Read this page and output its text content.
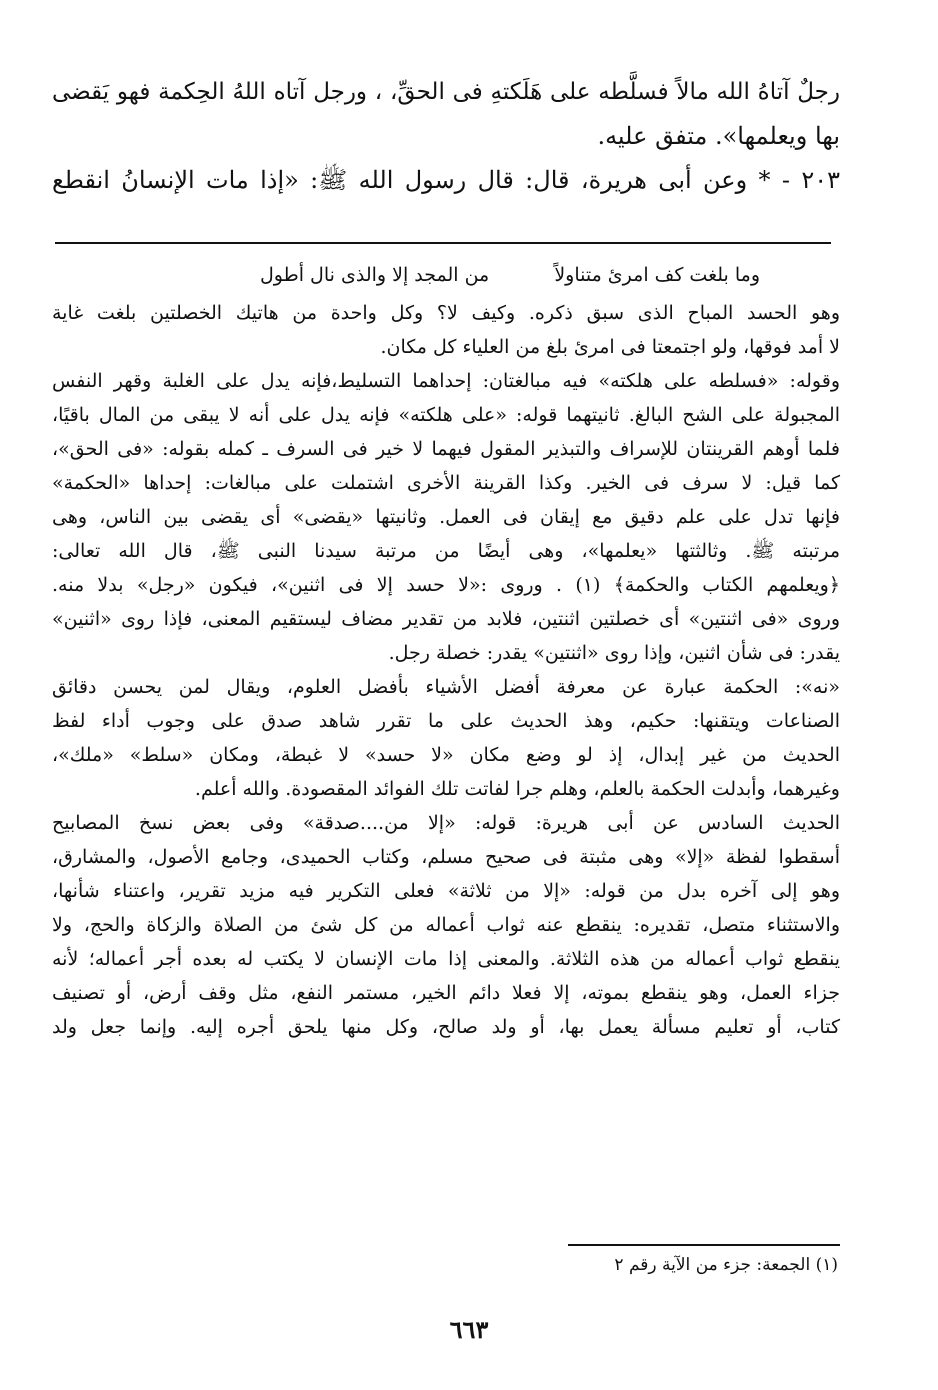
رجلٌ آتاهُ الله مالاً فسلَّطه على هَلَكتهِ فى الحقِّ، ، ورجل آتاه اللهُ الحِكمة فهو يَقضى
بها ويعلمها». متفق عليه.
٢٠٣ - * وعن أبى هريرة، قال: قال رسول الله ﷺ: «إذا مات الإنسانُ انقطع
وما بلغت كف امرئ متناولاً
من المجد إلا والذى نال أطول
وهو الحسد المباح الذى سبق ذكره. وكيف لا؟ وكل واحدة من هاتيك الخصلتين بلغت غاية
لا أمد فوقها، ولو اجتمعتا فى امرئ بلغ من العلياء كل مكان.
وقوله: «فسلطه على هلكته» فيه مبالغتان: إحداهما التسليط،فإنه يدل على الغلبة وقهر النفس
المجبولة على الشح البالغ. ثانيتهما قوله: «على هلكته» فإنه يدل على أنه لا يبقى من المال باقيًا،
فلما أوهم القرينتان للإسراف والتبذير المقول فيهما لا خير فى السرف ـ كمله بقوله: «فى الحق»،
كما قيل: لا سرف فى الخير. وكذا القرينة الأخرى اشتملت على مبالغات: إحداها «الحكمة»
فإنها تدل على علم دقيق مع إيقان فى العمل. وثانيتها «يقضى» أى يقضى بين الناس، وهى
مرتبته ﷺ. وثالثتها «يعلمها»، وهى أيضًا من مرتبة سيدنا النبى ﷺ، قال الله تعالى:
﴿ويعلمهم الكتاب والحكمة﴾ (١) . وروى :«لا حسد إلا فى اثنين»، فيكون «رجل» بدلا منه.
وروى «فى اثنتين» أى خصلتين اثنتين، فلابد من تقدير مضاف ليستقيم المعنى، فإذا روى «اثنين»
يقدر: فى شأن اثنين، وإذا روى «اثنتين» يقدر: خصلة رجل.
«نه»: الحكمة عبارة عن معرفة أفضل الأشياء بأفضل العلوم، ويقال لمن يحسن دقائق
الصناعات ويتقنها: حكيم، وهذ الحديث على ما تقرر شاهد صدق على وجوب أداء لفظ
الحديث من غير إبدال، إذ لو وضع مكان «لا حسد» لا غبطة، ومكان «سلط» «ملك»،
وغيرهما، وأبدلت الحكمة بالعلم، وهلم جرا لفاتت تلك الفوائد المقصودة. والله أعلم.
الحديث السادس عن أبى هريرة: قوله: «إلا من....صدقة» وفى بعض نسخ المصابيح
أسقطوا لفظة «إلا» وهى مثبتة فى صحيح مسلم، وكتاب الحميدى، وجامع الأصول، والمشارق،
وهو إلى آخره بدل من قوله: «إلا من ثلاثة» فعلى التكرير فيه مزيد تقرير، واعتناء شأنها،
والاستثناء متصل، تقديره: ينقطع عنه ثواب أعماله من كل شئ من الصلاة والزكاة والحج، ولا
ينقطع ثواب أعماله من هذه الثلاثة. والمعنى إذا مات الإنسان لا يكتب له بعده أجر أعماله؛ لأنه
جزاء العمل، وهو ينقطع بموته، إلا فعلا دائم الخير، مستمر النفع، مثل وقف أرض، أو تصنيف
كتاب، أو تعليم مسألة يعمل بها، أو ولد صالح، وكل منها يلحق أجره إليه. وإنما جعل ولد
(١) الجمعة: جزء من الآية رقم ٢
٦٦٣
